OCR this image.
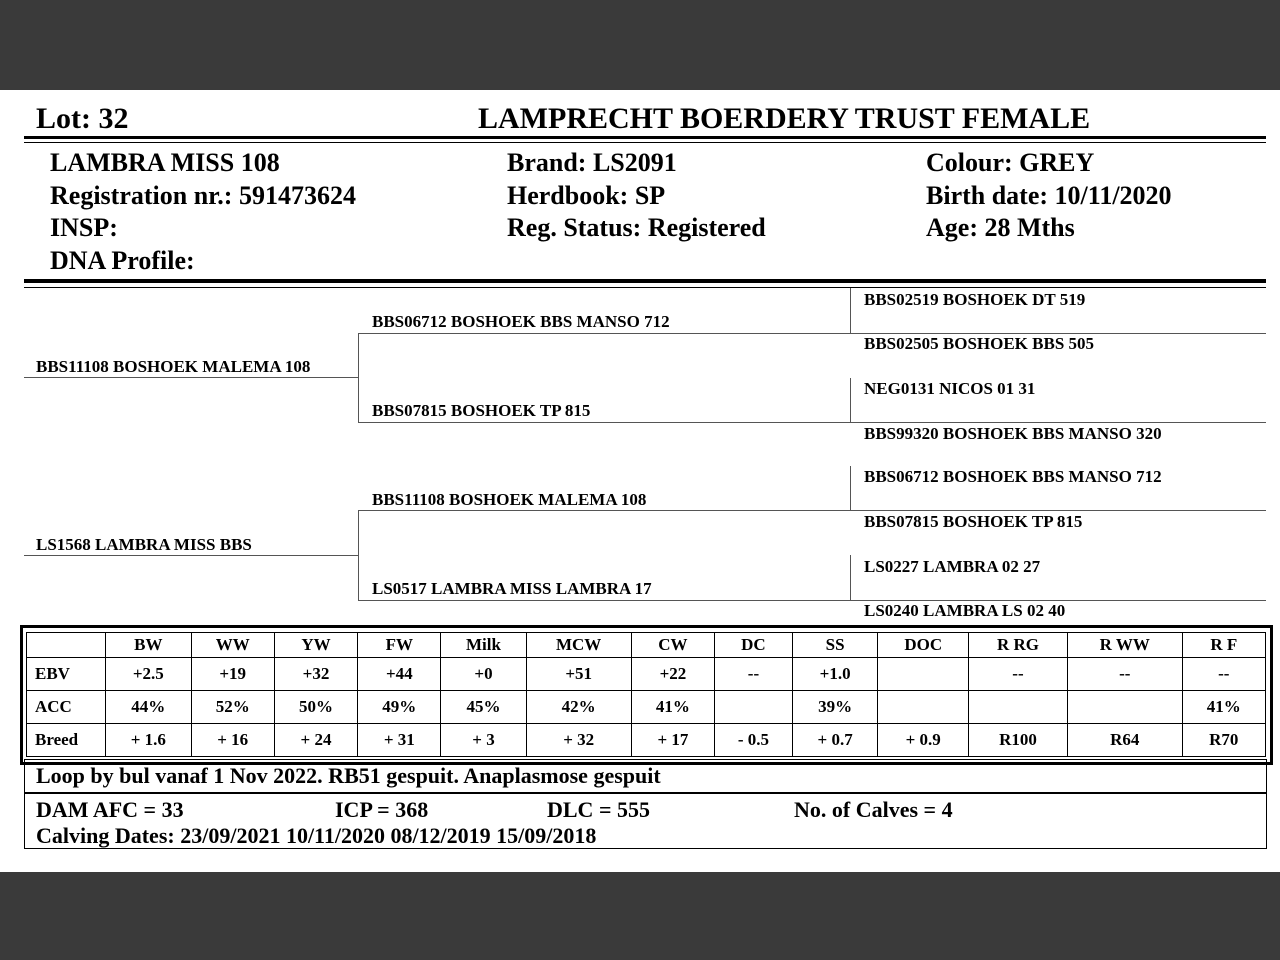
Lot: 32	LAMPRECHT BOERDERY TRUST FEMALE
LAMBRA MISS 108
Registration nr.: 591473624
INSP:
DNA Profile:
Brand: LS2091
Herdbook: SP
Reg. Status: Registered
Colour: GREY
Birth date: 10/11/2020
Age: 28 Mths
BBS11108 BOSHOEK MALEMA 108
LS1568 LAMBRA MISS BBS
BBS06712 BOSHOEK BBS MANSO 712
BBS07815 BOSHOEK TP 815
BBS11108 BOSHOEK MALEMA 108
LS0517 LAMBRA MISS LAMBRA 17
BBS02519 BOSHOEK DT 519
BBS02505 BOSHOEK BBS 505
NEG0131 NICOS 01 31
BBS99320 BOSHOEK BBS MANSO 320
BBS06712 BOSHOEK BBS MANSO 712
BBS07815 BOSHOEK TP 815
LS0227 LAMBRA 02 27
LS0240 LAMBRA LS 02 40
	BW	WW	YW	FW	Milk	MCW	CW	DC	SS	DOC	R RG	R WW	R F
EBV	+2.5	+19	+32	+44	+0	+51	+22	--	+1.0		--	--	--
ACC	44%	52%	50%	49%	45%	42%	41%		39%				41%
Breed	+ 1.6	+ 16	+ 24	+ 31	+ 3	+ 32	+ 17	- 0.5	+ 0.7	+ 0.9	R100	R64	R70
Loop by bul vanaf 1 Nov 2022. RB51 gespuit. Anaplasmose gespuit
DAM AFC = 33	ICP = 368	DLC = 555	No. of Calves = 4
Calving Dates: 23/09/2021 10/11/2020 08/12/2019 15/09/2018
